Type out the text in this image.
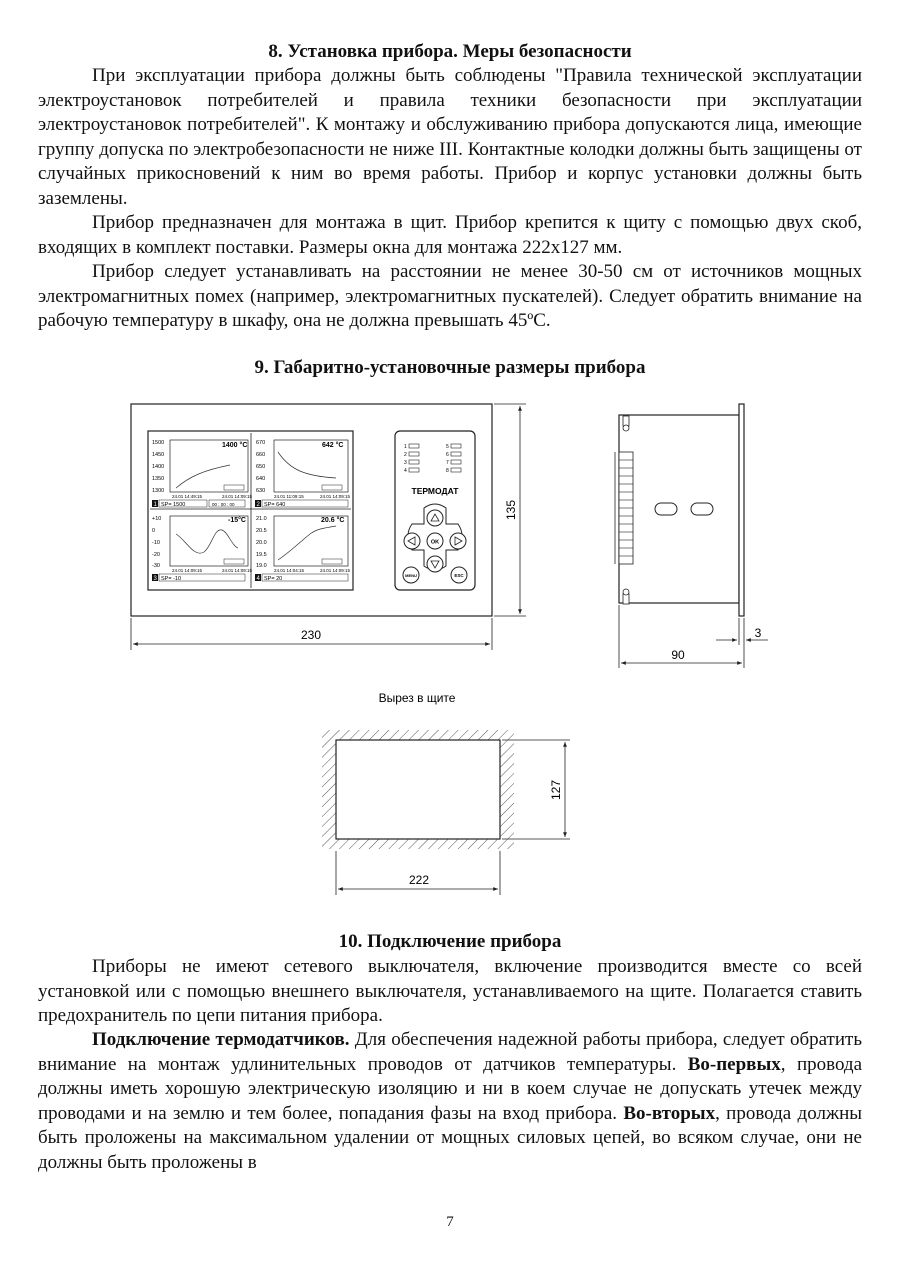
8. Установка прибора. Меры безопасности

При эксплуатации прибора должны быть соблюдены "Правила технической эксплуатации электроустановок потребителей и правила техники безопасности при эксплуатации электроустановок потребителей". К монтажу и обслуживанию прибора допускаются лица, имеющие группу допуска по электробезопасности не ниже III. Контактные колодки должны быть защищены от случайных прикосновений к ним во время работы. Прибор и корпус установки должны быть заземлены.

Прибор предназначен для монтажа в щит. Прибор крепится к щиту с помощью двух скоб, входящих в комплект поставки. Размеры окна для монтажа 222x127 мм.

Прибор следует устанавливать на расстоянии не менее 30-50 см от источников мощных электромагнитных помех (например, электромагнитных пускателей). Следует обратить внимание на рабочую температуру в шкафу, она не должна превышать 45ºС.

9. Габаритно-установочные размеры прибора
1500
1450
1400
1350
1300
1400 °C
24.01 14:49:15	24.01 14:09:15
1 SP= 1500	00 : 00 : 00
670
660
650
640
630
642 °C
24.01 11:09:15	24.01 14:09:15
2 SP= 640
+10
0
-10
-20
-30
-15°C
24.01 14:09:15	24.01 14:09:15
3 SP= -10
21.0
20.5
20.0
19.5
19.0
20.6 °C
24.01 14:04:15	24.01 14:09:15
4 SP= 20
1
2
3
4
5
6
7
8
ТЕРМОДАТ
OK
MENU	ESC
230
135
90
3
Вырез в щите
127
222
10. Подключение прибора

Приборы не имеют сетевого выключателя, включение производится вместе со всей установкой или с помощью внешнего выключателя, устанавливаемого на щите. Полагается ставить предохранитель по цепи питания прибора.

Подключение термодатчиков. Для обеспечения надежной работы прибора, следует обратить внимание на монтаж удлинительных проводов от датчиков температуры. Во-первых, провода должны иметь хорошую электрическую изоляцию и ни в коем случае не допускать утечек между проводами и на землю и тем более, попадания фазы на вход прибора. Во-вторых, провода должны быть проложены на максимальном удалении от мощных силовых цепей, во всяком случае, они не должны быть проложены в

7
